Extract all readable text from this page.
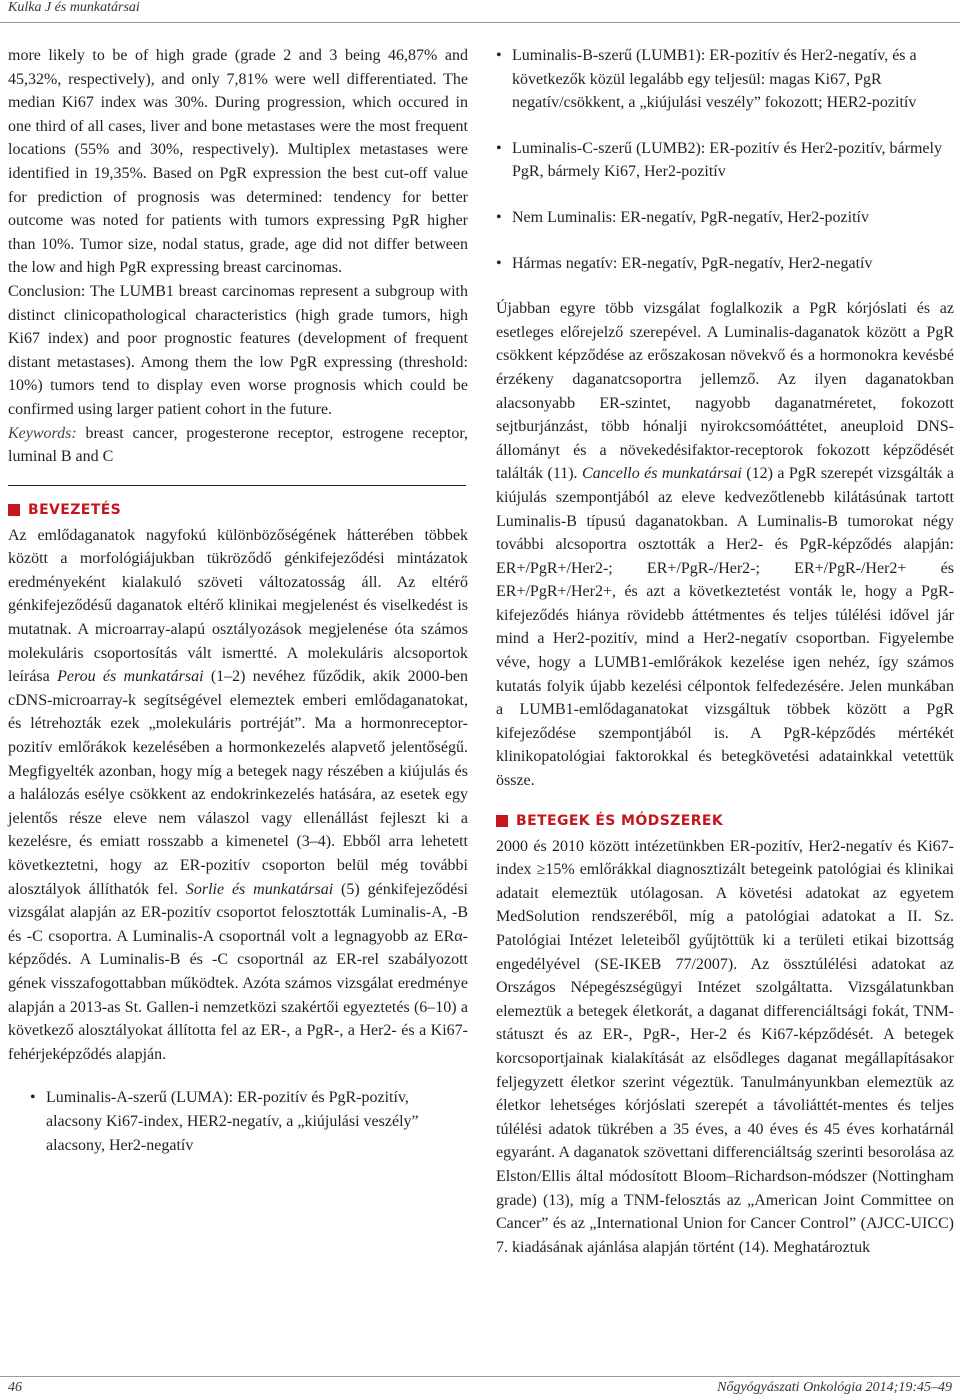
Kulka J és munkatársai

more likely to be of high grade (grade 2 and 3 being 46,87% and 45,32%, respectively), and only 7,81% were well differentiated. The median Ki67 index was 30%. During progression, which occured in one third of all cases, liver and bone metastases were the most frequent locations (55% and 30%, respectively). Multiplex metastases were identified in 19,35%. Based on PgR expression the best cut-off value for prediction of prognosis was determined: tendency for better outcome was noted for patients with tumors expressing PgR higher than 10%. Tumor size, nodal status, grade, age did not differ between the low and high PgR expressing breast carcinomas.

Conclusion: The LUMB1 breast carcinomas represent a subgroup with distinct clinicopathological characteristics (high grade tumors, high Ki67 index) and poor prognostic features (development of frequent distant metastases). Among them the low PgR expressing (threshold: 10%) tumors tend to display even worse prognosis which could be confirmed using larger patient cohort in the future.

Keywords: breast cancer, progesterone receptor, estrogene receptor, luminal B and C

BEVEZETÉS

Az emlődaganatok nagyfokú különbözőségének hátterében többek között a morfológiájukban tükröződő génkifejeződési mintázatok eredményeként kialakuló szöveti változatosság áll. Az eltérő génkifejeződésű daganatok eltérő klinikai megjelenést és viselkedést is mutatnak. A microarray-alapú osztályozások megjelenése óta számos molekuláris csoportosítás vált ismertté. A molekuláris alcsoportok leírása Perou és munkatársai (1–2) nevéhez fűződik, akik 2000-ben cDNS-microarray-k segítségével elemeztek emberi emlődaganatokat, és létrehozták ezek „molekuláris portréját”. Ma a hormonreceptor-pozitív emlőrákok kezelésében a hormonkezelés alapvető jelentőségű. Megfigyelték azonban, hogy míg a betegek nagy részében a kiújulás és a halálozás esélye csökkent az endokrinkezelés hatására, az esetek egy jelentős része eleve nem válaszol vagy ellenállást fejleszt ki a kezelésre, és emiatt rosszabb a kimenetel (3–4). Ebből arra lehetett következtetni, hogy az ER-pozitív csoporton belül még további alosztályok állíthatók fel. Sorlie és munkatársai (5) génkifejeződési vizsgálat alapján az ER-pozitív csoportot felosztották Luminalis-A, -B és -C csoportra. A Luminalis-A csoportnál volt a legnagyobb az ERα-képződés. A Luminalis-B és -C csoportnál az ER-rel szabályozott gének visszafogottabban működtek. Azóta számos vizsgálat eredménye alapján a 2013-as St. Gallen-i nemzetközi szakértői egyeztetés (6–10) a következő alosztályokat állította fel az ER-, a PgR-, a Her2- és a Ki67-fehérjeképződés alapján.

• Luminalis-A-szerű (LUMA): ER-pozitív és PgR-pozitív, alacsony Ki67-index, HER2-negatív, a „kiújulási veszély” alacsony, Her2-negatív
• Luminalis-B-szerű (LUMB1): ER-pozitív és Her2-negatív, és a következők közül legalább egy teljesül: magas Ki67, PgR negatív/csökkent, a „kiújulási veszély” fokozott; HER2-pozitív
• Luminalis-C-szerű (LUMB2): ER-pozitív és Her2-pozitív, bármely PgR, bármely Ki67, Her2-pozitív
• Nem Luminalis: ER-negatív, PgR-negatív, Her2-pozitív
• Hármas negatív: ER-negatív, PgR-negatív, Her2-negatív

Újabban egyre több vizsgálat foglalkozik a PgR kórjóslati és az esetleges előrejelző szerepével. A Luminalis-daganatok között a PgR csökkent képződése az erőszakosan növekvő és a hormonokra kevésbé érzékeny daganatcsoportra jellemző. Az ilyen daganatokban alacsonyabb ER-szintet, nagyobb daganatméretet, fokozott sejtburjánzást, több hónalji nyirokcsomóáttétet, aneuploid DNS-állományt és a növekedésifaktor-receptorok fokozott képződését találták (11). Cancello és munkatársai (12) a PgR szerepét vizsgálták a kiújulás szempontjából az eleve kedvezőtlenebb kilátásúnak tartott Luminalis-B típusú daganatokban. A Luminalis-B tumorokat négy további alcsoportra osztották a Her2- és PgR-képződés alapján: ER+/PgR+/Her2-; ER+/PgR-/Her2-; ER+/PgR-/Her2+ és ER+/PgR+/Her2+, és azt a következtetést vonták le, hogy a PgR-kifejeződés hiánya rövidebb áttétmentes és teljes túlélési idővel jár mind a Her2-pozitív, mind a Her2-negatív csoportban. Figyelembe véve, hogy a LUMB1-emlőrákok kezelése igen nehéz, így számos kutatás folyik újabb kezelési célpontok felfedezésére. Jelen munkában a LUMB1-emlődaganatokat vizsgáltuk többek között a PgR kifejeződése szempontjából is. A PgR-képződés mértékét klinikopatológiai faktorokkal és betegkövetési adatainkkal vetettük össze.

BETEGEK ÉS MÓDSZEREK

2000 és 2010 között intézetünkben ER-pozitív, Her2-negatív és Ki67-index ≥15% emlőrákkal diagnosztizált betegeink patológiai és klinikai adatait elemeztük utólagosan. A követési adatokat az egyetem MedSolution rendszeréből, míg a patológiai adatokat a II. Sz. Patológiai Intézet leleteiből gyűjtöttük ki a területi etikai bizottság engedélyével (SE-IKEB 77/2007). Az össztúlélési adatokat az Országos Népegészségügyi Intézet szolgáltatta. Vizsgálatunkban elemeztük a betegek életkorát, a daganat differenciáltsági fokát, TNM-státuszt és az ER-, PgR-, Her-2 és Ki67-képződését. A betegek korcsoportjainak kialakítását az elsődleges daganat megállapításakor feljegyzett életkor szerint végeztük. Tanulmányunkban elemeztük az életkor lehetséges kórjóslati szerepét a távoliáttét-mentes és teljes túlélési adatok tükrében a 35 éves, a 40 éves és 45 éves korhatárnál egyaránt. A daganatok szövettani differenciáltság szerinti besorolása az Elston/Ellis által módosított Bloom–Richardson-módszer (Nottingham grade) (13), míg a TNM-felosztás az „American Joint Committee on Cancer” és az „International Union for Cancer Control” (AJCC-UICC) 7. kiadásának ajánlása alapján történt (14). Meghatároztuk

46	Nőgyógyászati Onkológia 2014;19:45–49
